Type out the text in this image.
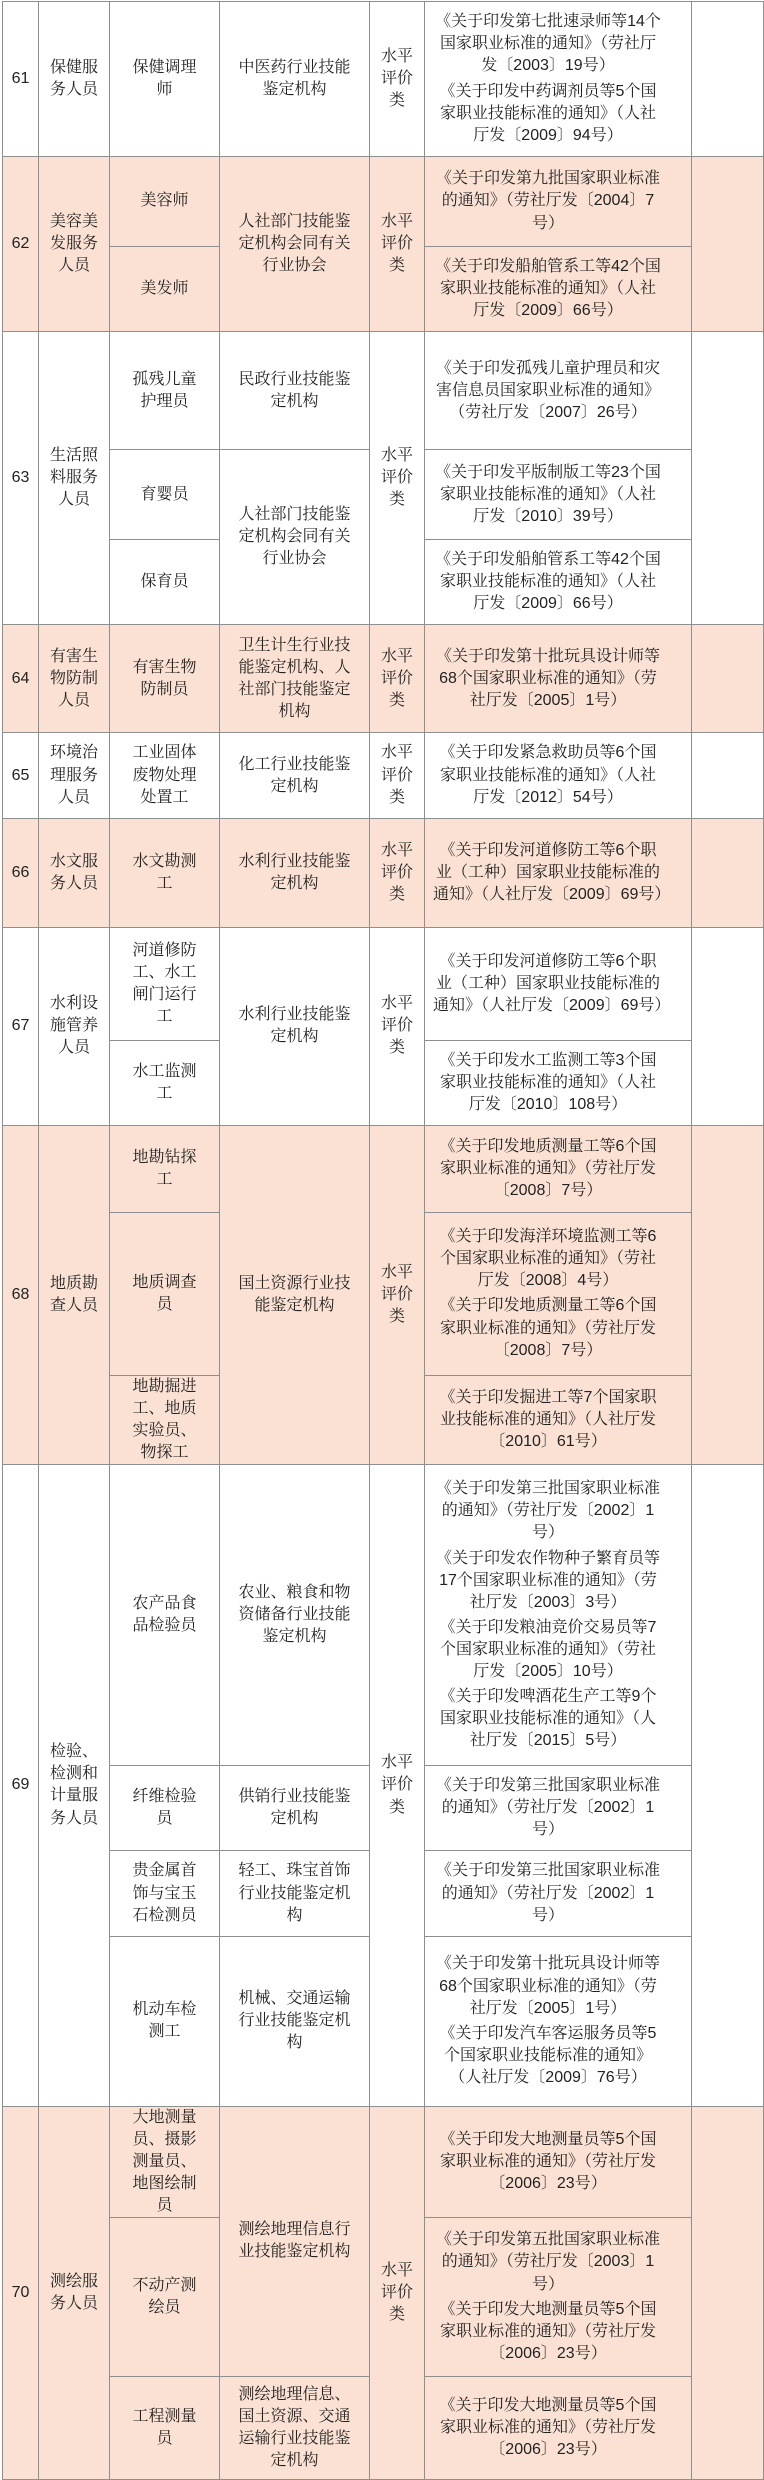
61	保健服务人员	保健调理师	中医药行业技能鉴定机构	水平评价类	《关于印发第七批速录师等14个国家职业标准的通知》（劳社厅发〔2003〕19号）

《关于印发中药调剂员等5个国家职业技能标准的通知》（人社厅发〔2009〕94号）	

62	美容美发服务人员	美容师	人社部门技能鉴定机构会同有关行业协会	水平评价类	《关于印发第九批国家职业标准的通知》（劳社厅发〔2004〕7号）	

		美发师			《关于印发船舶管系工等42个国家职业技能标准的通知》（人社厅发〔2009〕66号）	

63	生活照料服务人员	孤残儿童护理员	民政行业技能鉴定机构	水平评价类	《关于印发孤残儿童护理员和灾害信息员国家职业标准的通知》（劳社厅发〔2007〕26号）	

		育婴员	人社部门技能鉴定机构会同有关行业协会		《关于印发平版制版工等23个国家职业技能标准的通知》（人社厅发〔2010〕39号）	

		保育员			《关于印发船舶管系工等42个国家职业技能标准的通知》（人社厅发〔2009〕66号）	

64	有害生物防制人员	有害生物防制员	卫生计生行业技能鉴定机构、人社部门技能鉴定机构	水平评价类	《关于印发第十批玩具设计师等68个国家职业标准的通知》（劳社厅发〔2005〕1号）	

65	环境治理服务人员	工业固体废物处理处置工	化工行业技能鉴定机构	水平评价类	《关于印发紧急救助员等6个国家职业技能标准的通知》（人社厅发〔2012〕54号）	

66	水文服务人员	水文勘测工	水利行业技能鉴定机构	水平评价类	《关于印发河道修防工等6个职业（工种）国家职业技能标准的通知》（人社厅发〔2009〕69号）	

67	水利设施管养人员	河道修防工、水工闸门运行工	水利行业技能鉴定机构	水平评价类	《关于印发河道修防工等6个职业（工种）国家职业技能标准的通知》（人社厅发〔2009〕69号）	

		水工监测工			《关于印发水工监测工等3个国家职业技能标准的通知》（人社厅发〔2010〕108号）	

68	地质勘查人员	地勘钻探工	国土资源行业技能鉴定机构	水平评价类	《关于印发地质测量工等6个国家职业标准的通知》（劳社厅发〔2008〕7号）	

		地质调查员			《关于印发海洋环境监测工等6个国家职业标准的通知》（劳社厅发〔2008〕4号）

《关于印发地质测量工等6个国家职业标准的通知》（劳社厅发〔2008〕7号）	

		地勘掘进工、地质实验员、物探工			《关于印发掘进工等7个国家职业技能标准的通知》（人社厅发〔2010〕61号）	

69	检验、检测和计量服务人员	农产品食品检验员	农业、粮食和物资储备行业技能鉴定机构	水平评价类	《关于印发第三批国家职业标准的通知》（劳社厅发〔2002〕1号）

《关于印发农作物种子繁育员等17个国家职业标准的通知》（劳社厅发〔2003〕3号）

《关于印发粮油竞价交易员等7个国家职业标准的通知》（劳社厅发〔2005〕10号）

《关于印发啤酒花生产工等9个国家职业技能标准的通知》（人社厅发〔2015〕5号）	

		纤维检验员	供销行业技能鉴定机构		《关于印发第三批国家职业标准的通知》（劳社厅发〔2002〕1号）	

		贵金属首饰与宝玉石检测员	轻工、珠宝首饰行业技能鉴定机构		《关于印发第三批国家职业标准的通知》（劳社厅发〔2002〕1号）	

		机动车检测工	机械、交通运输行业技能鉴定机构		《关于印发第十批玩具设计师等68个国家职业标准的通知》（劳社厅发〔2005〕1号）

《关于印发汽车客运服务员等5个国家职业技能标准的通知》（人社厅发〔2009〕76号）	

70	测绘服务人员	大地测量员、摄影测量员、地图绘制员	测绘地理信息行业技能鉴定机构	水平评价类	《关于印发大地测量员等5个国家职业标准的通知》（劳社厅发〔2006〕23号）	

		不动产测绘员			《关于印发第五批国家职业标准的通知》（劳社厅发〔2003〕1号）

《关于印发大地测量员等5个国家职业标准的通知》（劳社厅发〔2006〕23号）	

		工程测量员	测绘地理信息、国土资源、交通运输行业技能鉴定机构		《关于印发大地测量员等5个国家职业标准的通知》（劳社厅发〔2006〕23号）	
